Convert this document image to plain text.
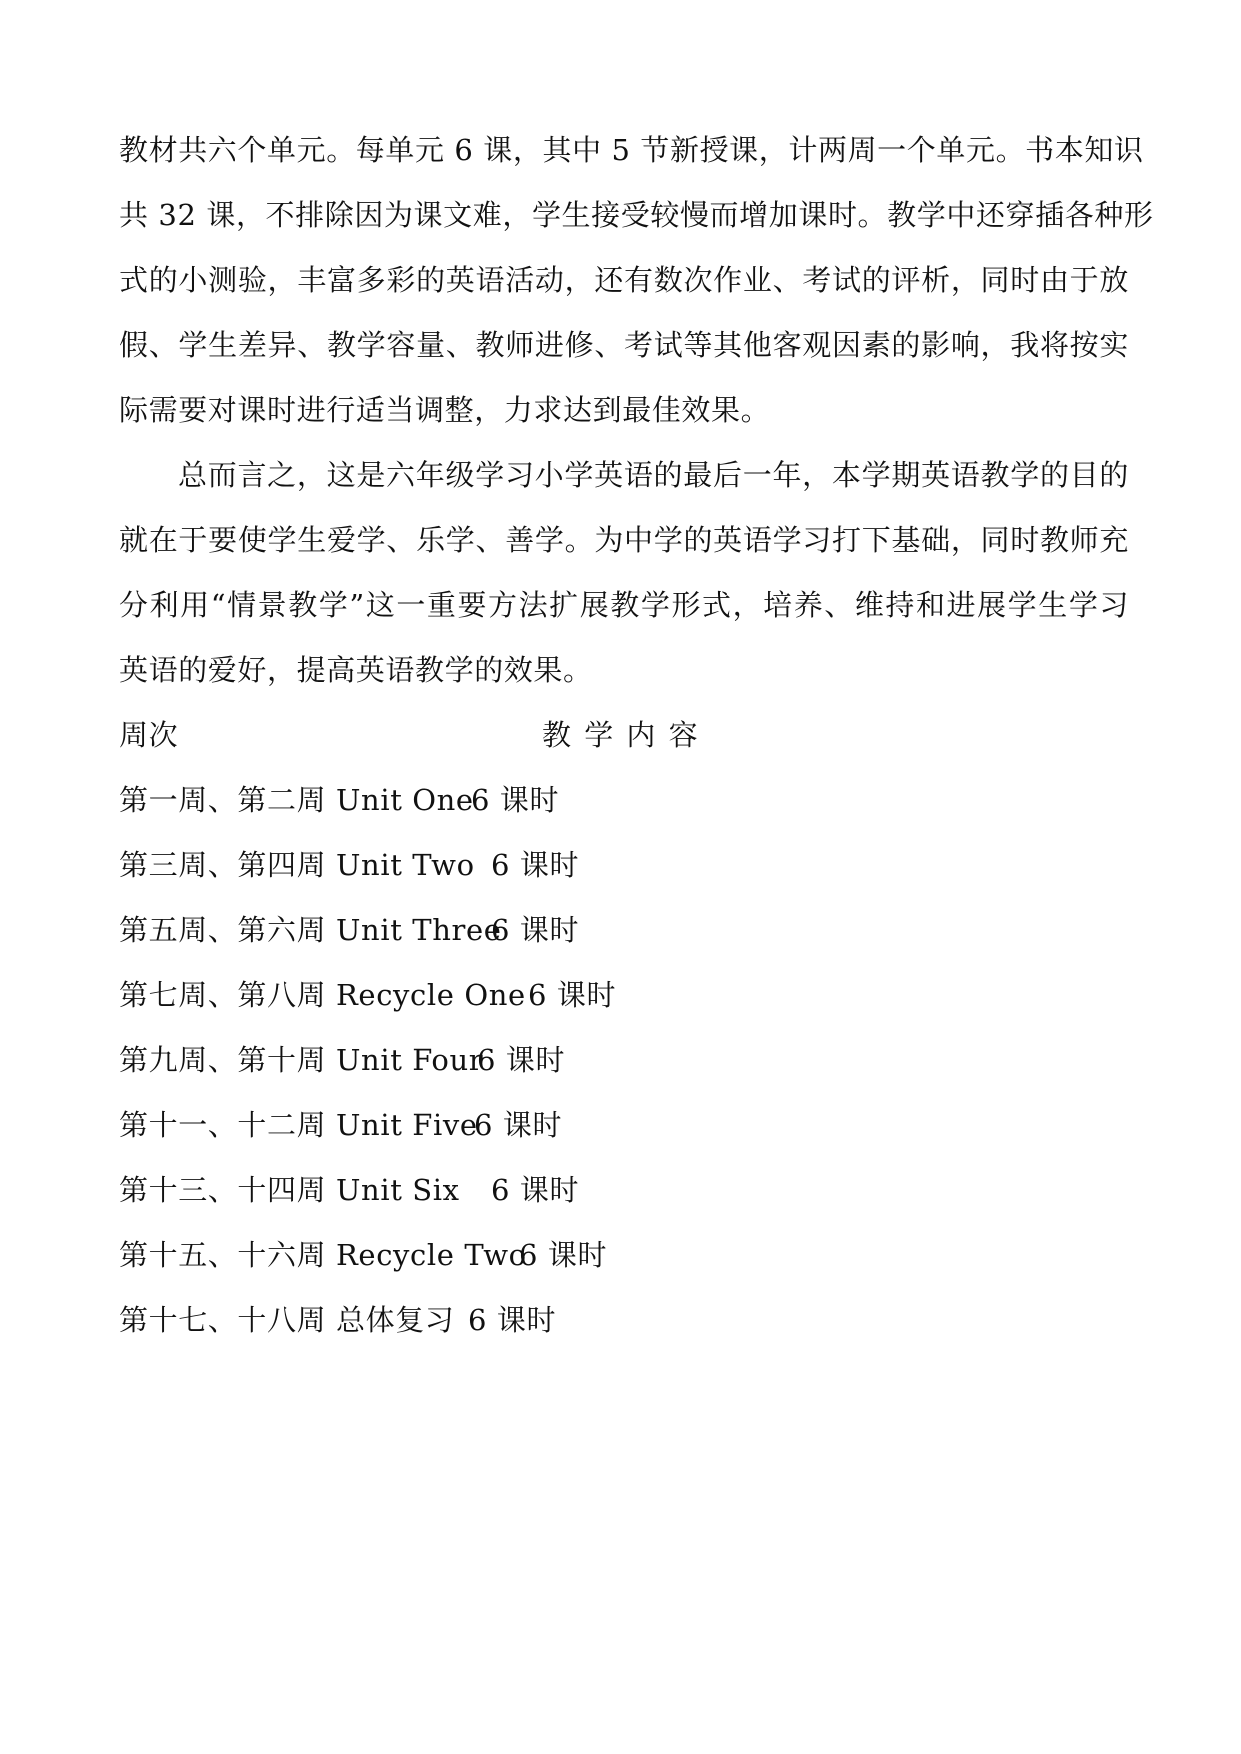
教材共六个单元。每单元 6 课，其中 5 节新授课，计两周一个单元。书本知识
共 32 课，不排除因为课文难，学生接受较慢而增加课时。教学中还穿插各种形
式的小测验，丰富多彩的英语活动，还有数次作业、考试的评析，同时由于放
假、学生差异、教学容量、教师进修、考试等其他客观因素的影响，我将按实
际需要对课时进行适当调整，力求达到最佳效果。
总而言之，这是六年级学习小学英语的最后一年，本学期英语教学的目的
就在于要使学生爱学、乐学、善学。为中学的英语学习打下基础，同时教师充
分利用“情景教学”这一重要方法扩展教学形式，培养、维持和进展学生学习
英语的爱好，提高英语教学的效果。
周次	教 学 内 容
第一周、第二周 Unit One
6 课时
第三周、第四周 Unit Two 6 课时
第五周、第六周 Unit Three
6 课时
第七周、第八周 Recycle One 6 课时
第九周、第十周 Unit Four
6 课时
第十一、十二周 Unit Five
6 课时
第十三、十四周 Unit Six 6 课时
第十五、十六周 Recycle Two
6 课时
第十七、十八周 总体复习 6 课时
